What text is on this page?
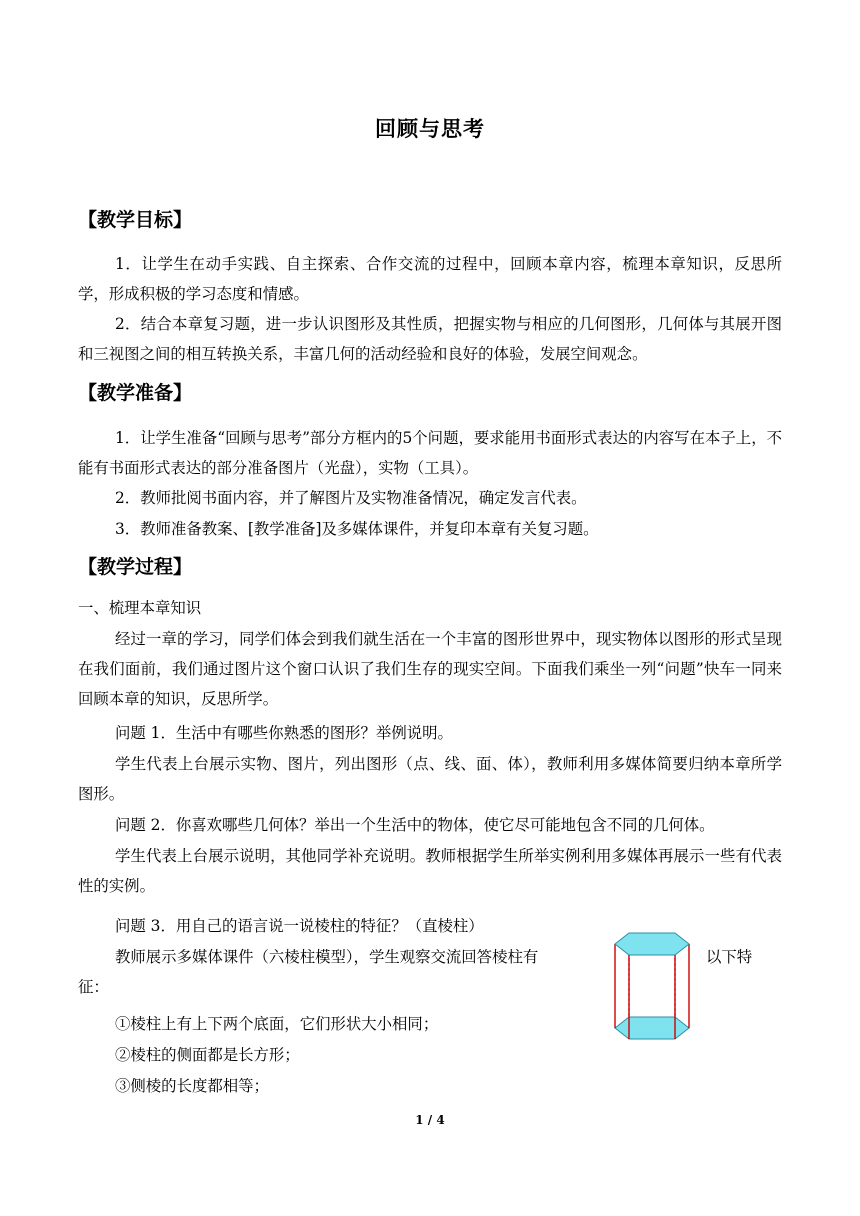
回顾与思考
【教学目标】
1．让学生在动手实践、自主探索、合作交流的过程中，回顾本章内容，梳理本章知识，反思所学，形成积极的学习态度和情感。
2．结合本章复习题，进一步认识图形及其性质，把握实物与相应的几何图形，几何体与其展开图和三视图之间的相互转换关系，丰富几何的活动经验和良好的体验，发展空间观念。
【教学准备】
1．让学生准备“回顾与思考”部分方框内的5个问题，要求能用书面形式表达的内容写在本子上，不能有书面形式表达的部分准备图片（光盘），实物（工具）。
2．教师批阅书面内容，并了解图片及实物准备情况，确定发言代表。
3．教师准备教案、[教学准备]及多媒体课件，并复印本章有关复习题。
【教学过程】
一、梳理本章知识
经过一章的学习，同学们体会到我们就生活在一个丰富的图形世界中，现实物体以图形的形式呈现在我们面前，我们通过图片这个窗口认识了我们生存的现实空间。下面我们乘坐一列“问题”快车一同来回顾本章的知识，反思所学。
问题 1．生活中有哪些你熟悉的图形？举例说明。
学生代表上台展示实物、图片，列出图形（点、线、面、体），教师利用多媒体简要归纳本章所学图形。
问题 2．你喜欢哪些几何体？举出一个生活中的物体，使它尽可能地包含不同的几何体。
学生代表上台展示说明，其他同学补充说明。教师根据学生所举实例利用多媒体再展示一些有代表性的实例。
问题 3．用自己的语言说一说棱柱的特征？（直棱柱）
教师展示多媒体课件（六棱柱模型），学生观察交流回答棱柱有	以下特
征：
①棱柱上有上下两个底面，它们形状大小相同；
②棱柱的侧面都是长方形；
③侧棱的长度都相等；
1 / 4
